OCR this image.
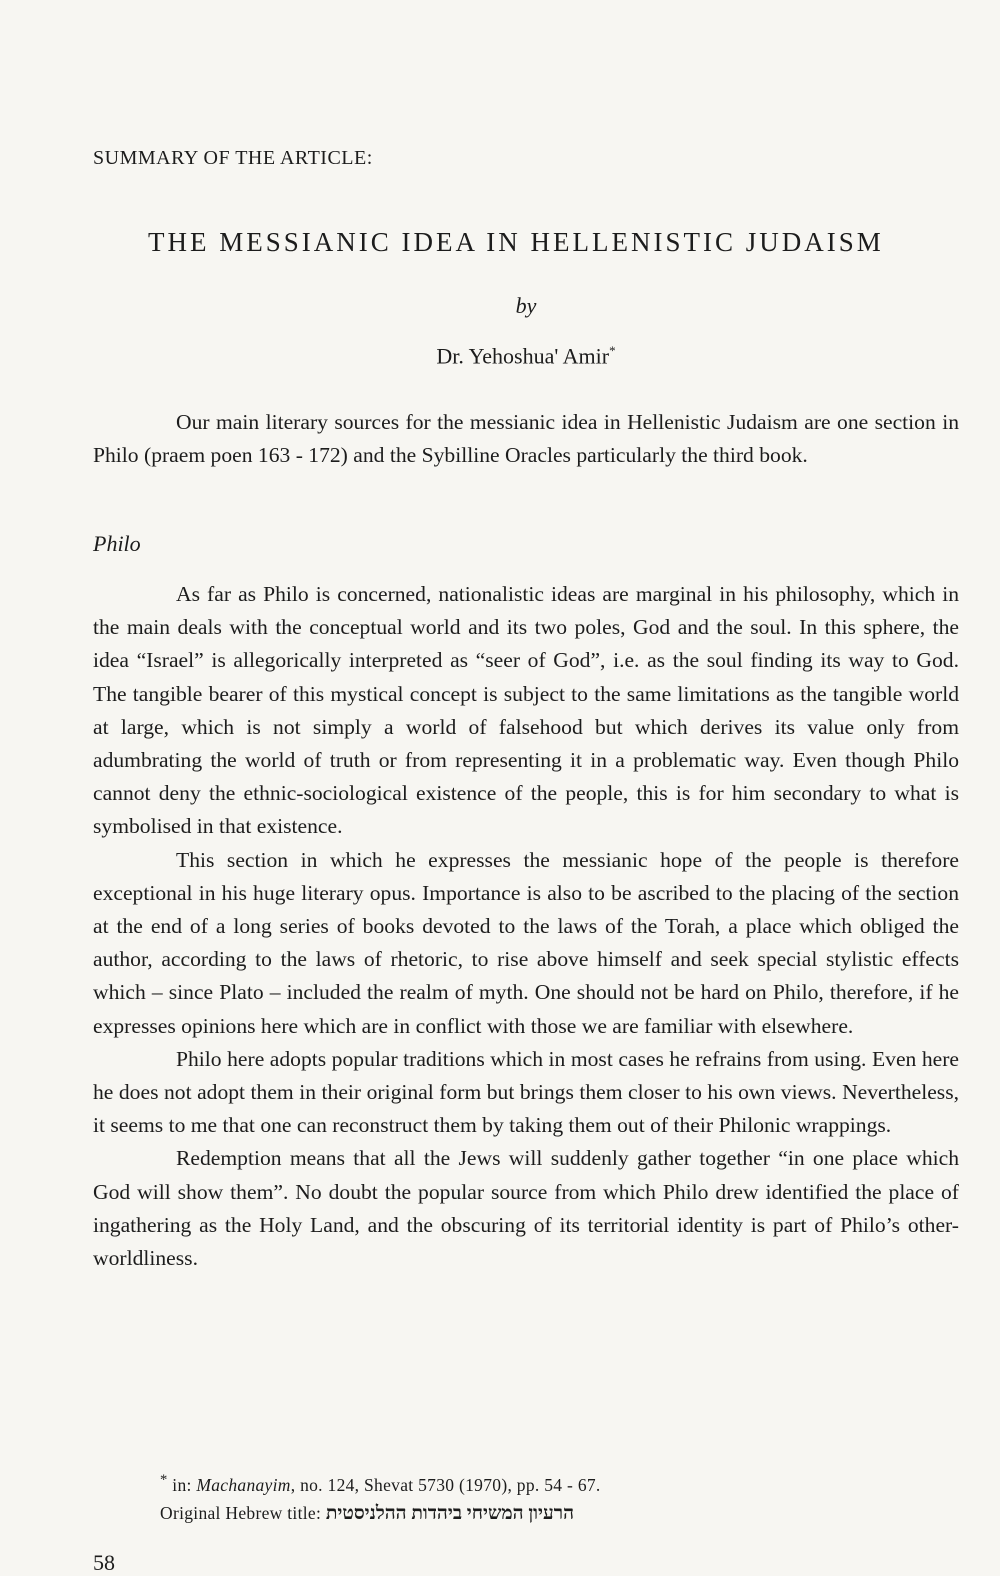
SUMMARY OF THE ARTICLE:
THE MESSIANIC IDEA IN HELLENISTIC JUDAISM
by
Dr. Yehoshua' Amir*

Our main literary sources for the messianic idea in Hellenistic Judaism are one section in Philo (praem poen 163 - 172) and the Sybilline Oracles particularly the third book.

Philo

As far as Philo is concerned, nationalistic ideas are marginal in his philosophy, which in the main deals with the conceptual world and its two poles, God and the soul. In this sphere, the idea “Israel” is allegorically interpreted as “seer of God”, i.e. as the soul finding its way to God. The tangible bearer of this mystical concept is subject to the same limitations as the tangible world at large, which is not simply a world of falsehood but which derives its value only from adumbrating the world of truth or from representing it in a problematic way. Even though Philo cannot deny the ethnic-sociological existence of the people, this is for him secondary to what is symbolised in that existence.

This section in which he expresses the messianic hope of the people is therefore exceptional in his huge literary opus. Importance is also to be ascribed to the placing of the section at the end of a long series of books devoted to the laws of the Torah, a place which obliged the author, according to the laws of rhetoric, to rise above himself and seek special stylistic effects which – since Plato – included the realm of myth. One should not be hard on Philo, therefore, if he expresses opinions here which are in conflict with those we are familiar with elsewhere.

Philo here adopts popular traditions which in most cases he refrains from using. Even here he does not adopt them in their original form but brings them closer to his own views. Nevertheless, it seems to me that one can reconstruct them by taking them out of their Philonic wrappings.

Redemption means that all the Jews will suddenly gather together “in one place which God will show them”. No doubt the popular source from which Philo drew identified the place of ingathering as the Holy Land, and the obscuring of its territorial identity is part of Philo’s other-worldliness.

* in: Machanayim, no. 124, Shevat 5730 (1970), pp. 54 - 67.
Original Hebrew title: הרעיון המשיחי ביהדות ההלניסטית
58
